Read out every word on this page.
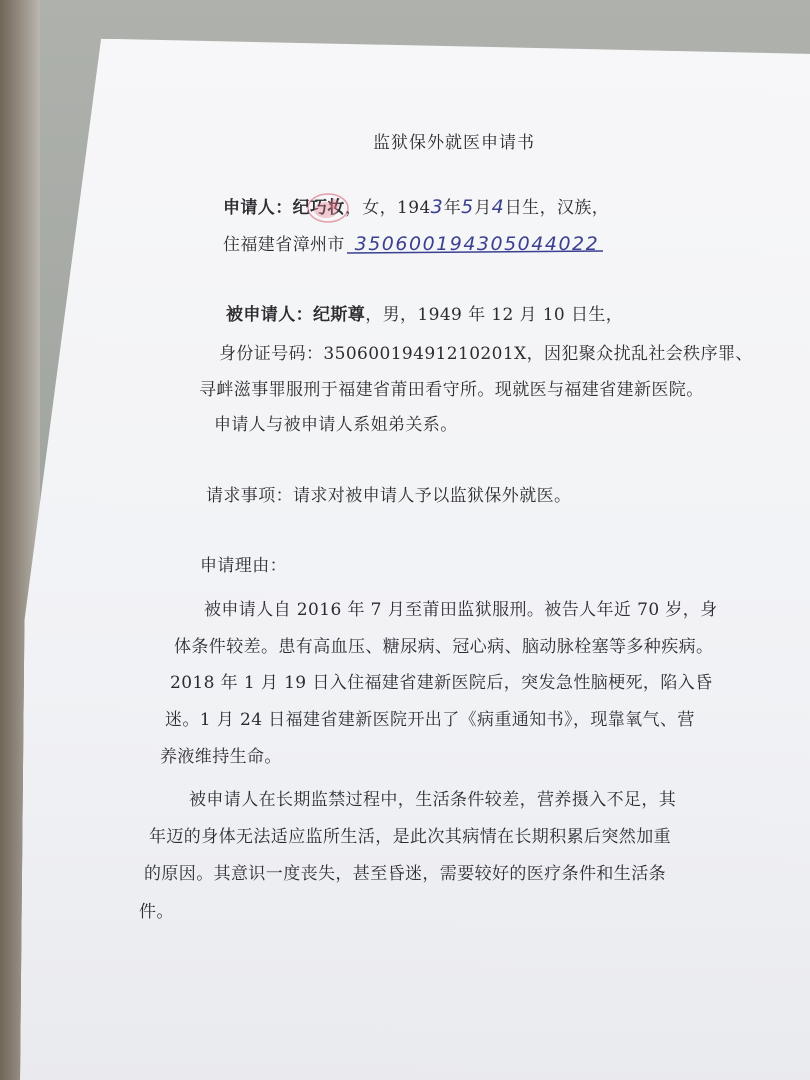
监狱保外就医申请书
申请人：纪巧妆，女，1943年5月4日生，汉族，
住福建省漳州市 350600194305044022
被申请人：纪斯尊，男，1949 年 12 月 10 日生，
身份证号码：35060019491210201X，因犯聚众扰乱社会秩序罪、
寻衅滋事罪服刑于福建省莆田看守所。现就医与福建省建新医院。
申请人与被申请人系姐弟关系。
请求事项：请求对被申请人予以监狱保外就医。
申请理由：
被申请人自 2016 年 7 月至莆田监狱服刑。被告人年近 70 岁，身
体条件较差。患有高血压、糖尿病、冠心病、脑动脉栓塞等多种疾病。
2018 年 1 月 19 日入住福建省建新医院后，突发急性脑梗死，陷入昏
迷。1 月 24 日福建省建新医院开出了《病重通知书》，现靠氧气、营
养液维持生命。
被申请人在长期监禁过程中，生活条件较差，营养摄入不足，其
年迈的身体无法适应监所生活，是此次其病情在长期积累后突然加重
的原因。其意识一度丧失，甚至昏迷，需要较好的医疗条件和生活条
件。
